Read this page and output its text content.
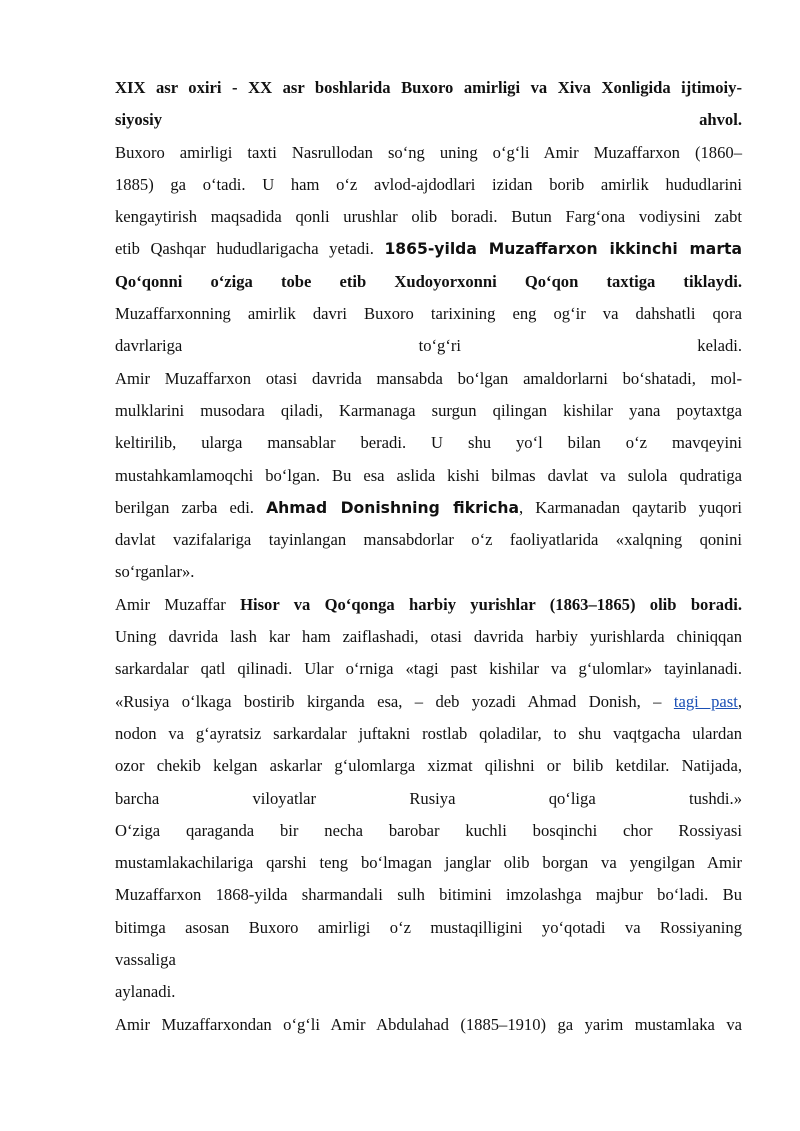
XIX asr oxiri - XX asr boshlarida Buxoro amirligi va Xiva Xonligida ijtimoiy-
siyosiy ahvol.
Buxoro amirligi taxti Nasrullodan so‘ng uning o‘g‘li Amir Muzaffarxon (1860–
1885) ga o‘tadi. U ham o‘z avlod-ajdodlari izidan borib amirlik hududlarini
kengaytirish maqsadida qonli urushlar olib boradi. Butun Farg‘ona vodiysini zabt
etib Qashqar hududlarigacha yetadi. 1865-yilda Muzaffarxon ikkinchi marta
Qo‘qonni o‘ziga tobe etib Xudoyorxonni Qo‘qon taxtiga tiklaydi.
Muzaffarxonning amirlik davri Buxoro tarixining eng og‘ir va dahshatli qora
davrlariga to‘g‘ri keladi.
Amir Muzaffarxon otasi davrida mansabda bo‘lgan amaldorlarni bo‘shatadi, mol-
mulklarini musodara qiladi, Karmanaga surgun qilingan kishilar yana poytaxtga
keltirilib, ularga mansablar beradi. U shu yo‘l bilan o‘z mavqeyini
mustahkamlamoqchi bo‘lgan. Bu esa aslida kishi bilmas davlat va sulola qudratiga
berilgan zarba edi. Ahmad Donishning fikricha, Karmanadan qaytarib yuqori
davlat vazifalariga tayinlangan mansabdorlar o‘z faoliyatlarida «xalqning qonini
so‘rganlar».
Amir Muzaffar Hisor va Qo‘qonga harbiy yurishlar (1863–1865) olib boradi.
Uning davrida lash kar ham zaiflashadi, otasi davrida harbiy yurishlarda chiniqqan
sarkardalar qatl qilinadi. Ular o‘rniga «tagi past kishilar va g‘ulomlar» tayinlanadi.
«Rusiya o‘lkaga bostirib kirganda esa, – deb yozadi Ahmad Donish, – tagi past,
nodon va g‘ayratsiz sarkardalar juftakni rostlab qoladilar, to shu vaqtgacha ulardan
ozor chekib kelgan askarlar g‘ulomlarga xizmat qilishni or bilib ketdilar. Natijada,
barcha viloyatlar Rusiya qo‘liga tushdi.»
O‘ziga qaraganda bir necha barobar kuchli bosqinchi chor Rossiyasi
mustamlakachilariga qarshi teng bo‘lmagan janglar olib borgan va yengilgan Amir
Muzaffarxon 1868-yilda sharmandali sulh bitimini imzolashga majbur bo‘ladi. Bu
bitimga asosan Buxoro amirligi o‘z mustaqilligini yo‘qotadi va Rossiyaning
vassaliga
aylanadi.
Amir Muzaffarxondan o‘g‘li Amir Abdulahad (1885–1910) ga yarim mustamlaka va
